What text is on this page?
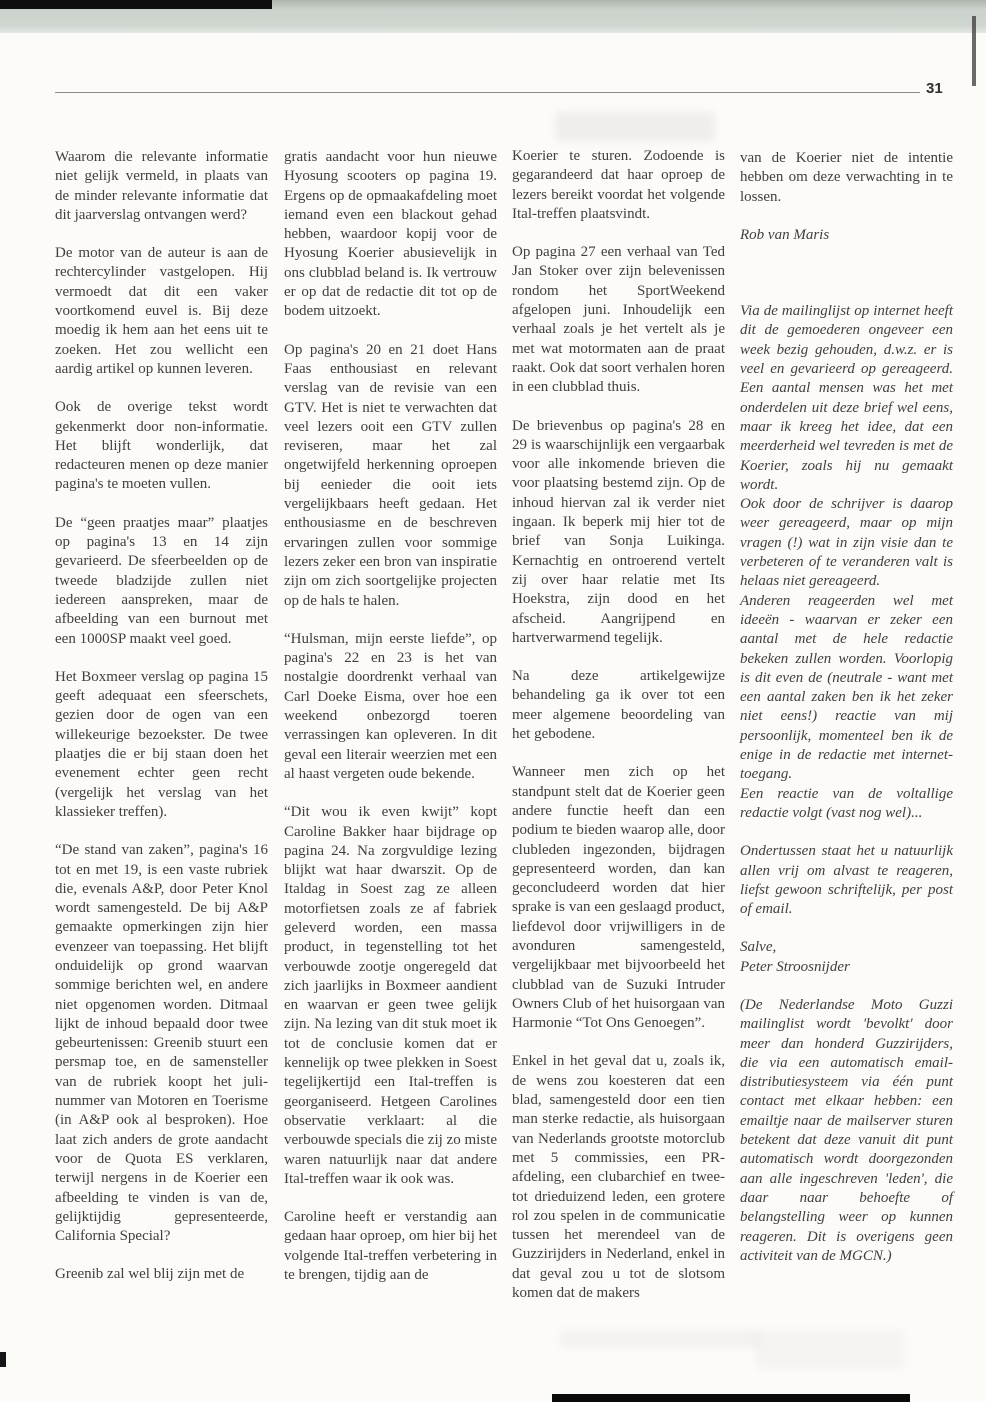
31

Waarom die relevante informatie niet gelijk vermeld, in plaats van de minder relevante informatie dat dit jaarverslag ontvangen werd?

De motor van de auteur is aan de rechtercylinder vastgelopen. Hij vermoedt dat dit een vaker voortkomend euvel is. Bij deze moedig ik hem aan het eens uit te zoeken. Het zou wellicht een aardig artikel op kunnen leveren.

Ook de overige tekst wordt gekenmerkt door non-informatie. Het blijft wonderlijk, dat redacteuren menen op deze manier pagina's te moeten vullen.

De “geen praatjes maar” plaatjes op pagina's 13 en 14 zijn gevarieerd. De sfeerbeelden op de tweede bladzijde zullen niet iedereen aanspreken, maar de afbeelding van een burnout met een 1000SP maakt veel goed.

Het Boxmeer verslag op pagina 15 geeft adequaat een sfeerschets, gezien door de ogen van een willekeurige bezoekster. De twee plaatjes die er bij staan doen het evenement echter geen recht (vergelijk het verslag van het klassieker treffen).

“De stand van zaken”, pagina's 16 tot en met 19, is een vaste rubriek die, evenals A&P, door Peter Knol wordt samengesteld. De bij A&P gemaakte opmerkingen zijn hier evenzeer van toepassing. Het blijft onduidelijk op grond waarvan sommige berichten wel, en andere niet opgenomen worden. Ditmaal lijkt de inhoud bepaald door twee gebeurtenissen: Greenib stuurt een persmap toe, en de samensteller van de rubriek koopt het juli-nummer van Motoren en Toerisme (in A&P ook al besproken). Hoe laat zich anders de grote aandacht voor de Quota ES verklaren, terwijl nergens in de Koerier een afbeelding te vinden is van de, gelijktijdig gepresenteerde, California Special?

Greenib zal wel blij zijn met de

gratis aandacht voor hun nieuwe Hyosung scooters op pagina 19. Ergens op de opmaakafdeling moet iemand even een blackout gehad hebben, waardoor kopij voor de Hyosung Koerier abusievelijk in ons clubblad beland is. Ik vertrouw er op dat de redactie dit tot op de bodem uitzoekt.

Op pagina's 20 en 21 doet Hans Faas enthousiast en relevant verslag van de revisie van een GTV. Het is niet te verwachten dat veel lezers ooit een GTV zullen reviseren, maar het zal ongetwijfeld herkenning oproepen bij eenieder die ooit iets vergelijkbaars heeft gedaan. Het enthousiasme en de beschreven ervaringen zullen voor sommige lezers zeker een bron van inspiratie zijn om zich soortgelijke projecten op de hals te halen.

“Hulsman, mijn eerste liefde”, op pagina's 22 en 23 is het van nostalgie doordrenkt verhaal van Carl Doeke Eisma, over hoe een weekend onbezorgd toeren verrassingen kan opleveren. In dit geval een literair weerzien met een al haast vergeten oude bekende.

“Dit wou ik even kwijt” kopt Caroline Bakker haar bijdrage op pagina 24. Na zorgvuldige lezing blijkt wat haar dwarszit. Op de Italdag in Soest zag ze alleen motorfietsen zoals ze af fabriek geleverd worden, een massa product, in tegenstelling tot het verbouwde zootje ongeregeld dat zich jaarlijks in Boxmeer aandient en waarvan er geen twee gelijk zijn. Na lezing van dit stuk moet ik tot de conclusie komen dat er kennelijk op twee plekken in Soest tegelijkertijd een Ital-treffen is georganiseerd. Hetgeen Carolines observatie verklaart: al die verbouwde specials die zij zo miste waren natuurlijk naar dat andere Ital-treffen waar ik ook was.

Caroline heeft er verstandig aan gedaan haar oproep, om hier bij het volgende Ital-treffen verbetering in te brengen, tijdig aan de

Koerier te sturen. Zodoende is gegarandeerd dat haar oproep de lezers bereikt voordat het volgende Ital-treffen plaatsvindt.

Op pagina 27 een verhaal van Ted Jan Stoker over zijn belevenissen rondom het SportWeekend afgelopen juni. Inhoudelijk een verhaal zoals je het vertelt als je met wat motormaten aan de praat raakt. Ook dat soort verhalen horen in een clubblad thuis.

De brievenbus op pagina's 28 en 29 is waarschijnlijk een vergaarbak voor alle inkomende brieven die voor plaatsing bestemd zijn. Op de inhoud hiervan zal ik verder niet ingaan. Ik beperk mij hier tot de brief van Sonja Luikinga. Kernachtig en ontroerend vertelt zij over haar relatie met Its Hoekstra, zijn dood en het afscheid. Aangrijpend en hartverwarmend tegelijk.

Na deze artikelgewijze behandeling ga ik over tot een meer algemene beoordeling van het gebodene.

Wanneer men zich op het standpunt stelt dat de Koerier geen andere functie heeft dan een podium te bieden waarop alle, door clubleden ingezonden, bijdragen gepresenteerd worden, dan kan geconcludeerd worden dat hier sprake is van een geslaagd product, liefdevol door vrijwilligers in de avonduren samengesteld, vergelijkbaar met bijvoorbeeld het clubblad van de Suzuki Intruder Owners Club of het huisorgaan van Harmonie “Tot Ons Genoegen”.

Enkel in het geval dat u, zoals ik, de wens zou koesteren dat een blad, samengesteld door een tien man sterke redactie, als huisorgaan van Nederlands grootste motorclub met 5 commissies, een PR-afdeling, een clubarchief en twee- tot drieduizend leden, een grotere rol zou spelen in de communicatie tussen het merendeel van de Guzzirijders in Nederland, enkel in dat geval zou u tot de slotsom komen dat de makers

van de Koerier niet de intentie hebben om deze verwachting in te lossen.

Rob van Maris

Via de mailinglijst op internet heeft dit de gemoederen ongeveer een week bezig gehouden, d.w.z. er is veel en gevarieerd op gereageerd. Een aantal mensen was het met onderdelen uit deze brief wel eens, maar ik kreeg het idee, dat een meerderheid wel tevreden is met de Koerier, zoals hij nu gemaakt wordt.

Ook door de schrijver is daarop weer gereageerd, maar op mijn vragen (!) wat in zijn visie dan te verbeteren of te veranderen valt is helaas niet gereageerd.

Anderen reageerden wel met ideeën - waarvan er zeker een aantal met de hele redactie bekeken zullen worden. Voorlopig is dit even de (neutrale - want met een aantal zaken ben ik het zeker niet eens!) reactie van mij persoonlijk, momenteel ben ik de enige in de redactie met internet-toegang.

Een reactie van de voltallige redactie volgt (vast nog wel)...

Ondertussen staat het u natuurlijk allen vrij om alvast te reageren, liefst gewoon schriftelijk, per post of email.

Salve,

Peter Stroosnijder

(De Nederlandse Moto Guzzi mailinglist wordt 'bevolkt' door meer dan honderd Guzzirijders, die via een automatisch email-distributiesysteem via één punt contact met elkaar hebben: een emailtje naar de mailserver sturen betekent dat deze vanuit dit punt automatisch wordt doorgezonden aan alle ingeschreven 'leden', die daar naar behoefte of belangstelling weer op kunnen reageren. Dit is overigens geen activiteit van de MGCN.)
